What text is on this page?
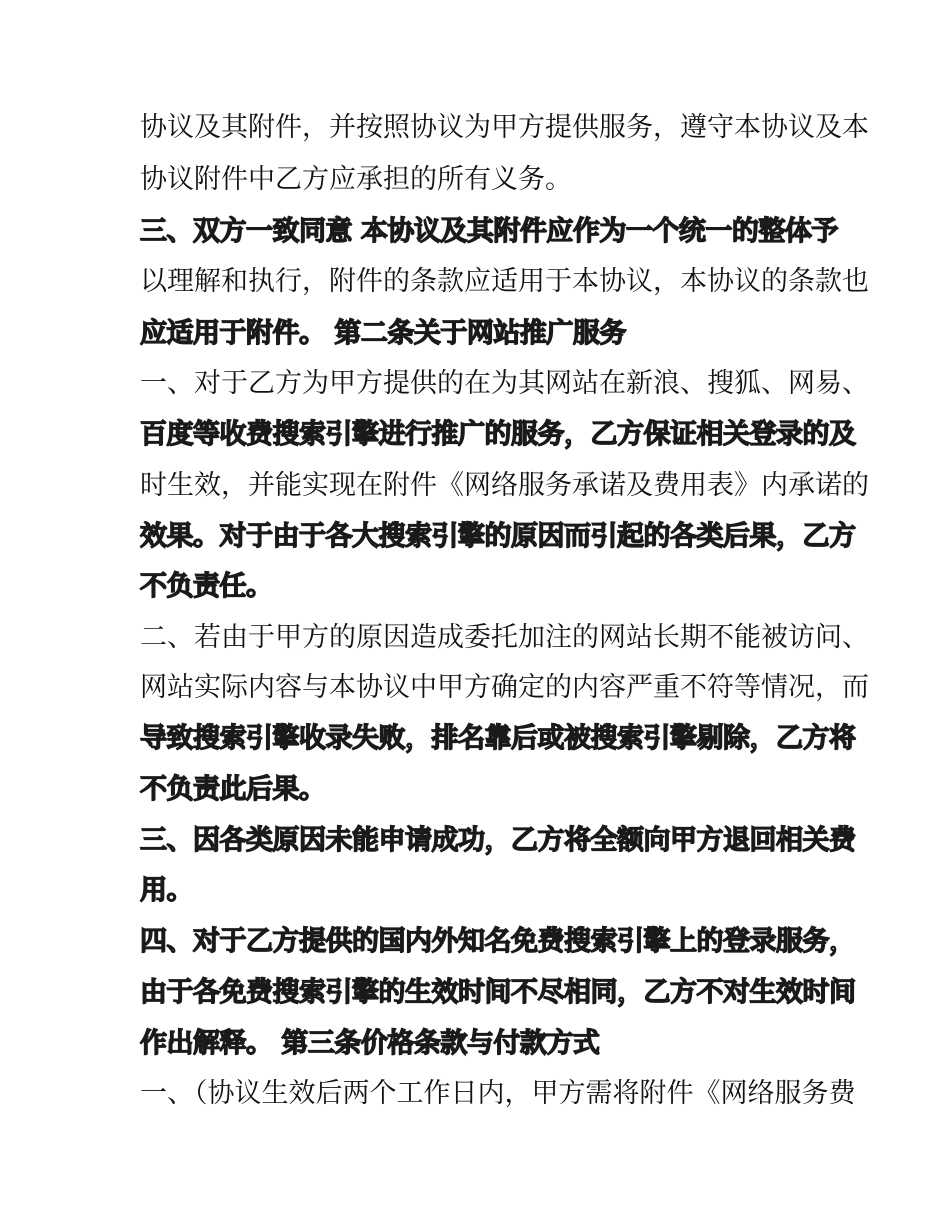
协议及其附件，并按照协议为甲方提供服务，遵守本协议及本
协议附件中乙方应承担的所有义务。
三、双方一致同意 本协议及其附件应作为一个统一的整体予
以理解和执行，附件的条款应适用于本协议，本协议的条款也
应适用于附件。 第二条关于网站推广服务
一、对于乙方为甲方提供的在为其网站在新浪、搜狐、网易、
百度等收费搜索引擎进行推广的服务，乙方保证相关登录的及
时生效，并能实现在附件《网络服务承诺及费用表》内承诺的
效果。对于由于各大搜索引擎的原因而引起的各类后果，乙方
不负责任。
二、若由于甲方的原因造成委托加注的网站长期不能被访问、
网站实际内容与本协议中甲方确定的内容严重不符等情况，而
导致搜索引擎收录失败，排名靠后或被搜索引擎剔除，乙方将
不负责此后果。
三、因各类原因未能申请成功，乙方将全额向甲方退回相关费
用。
四、对于乙方提供的国内外知名免费搜索引擎上的登录服务，
由于各免费搜索引擎的生效时间不尽相同，乙方不对生效时间
作出解释。 第三条价格条款与付款方式
一、（协议生效后两个工作日内，甲方需将附件《网络服务费
